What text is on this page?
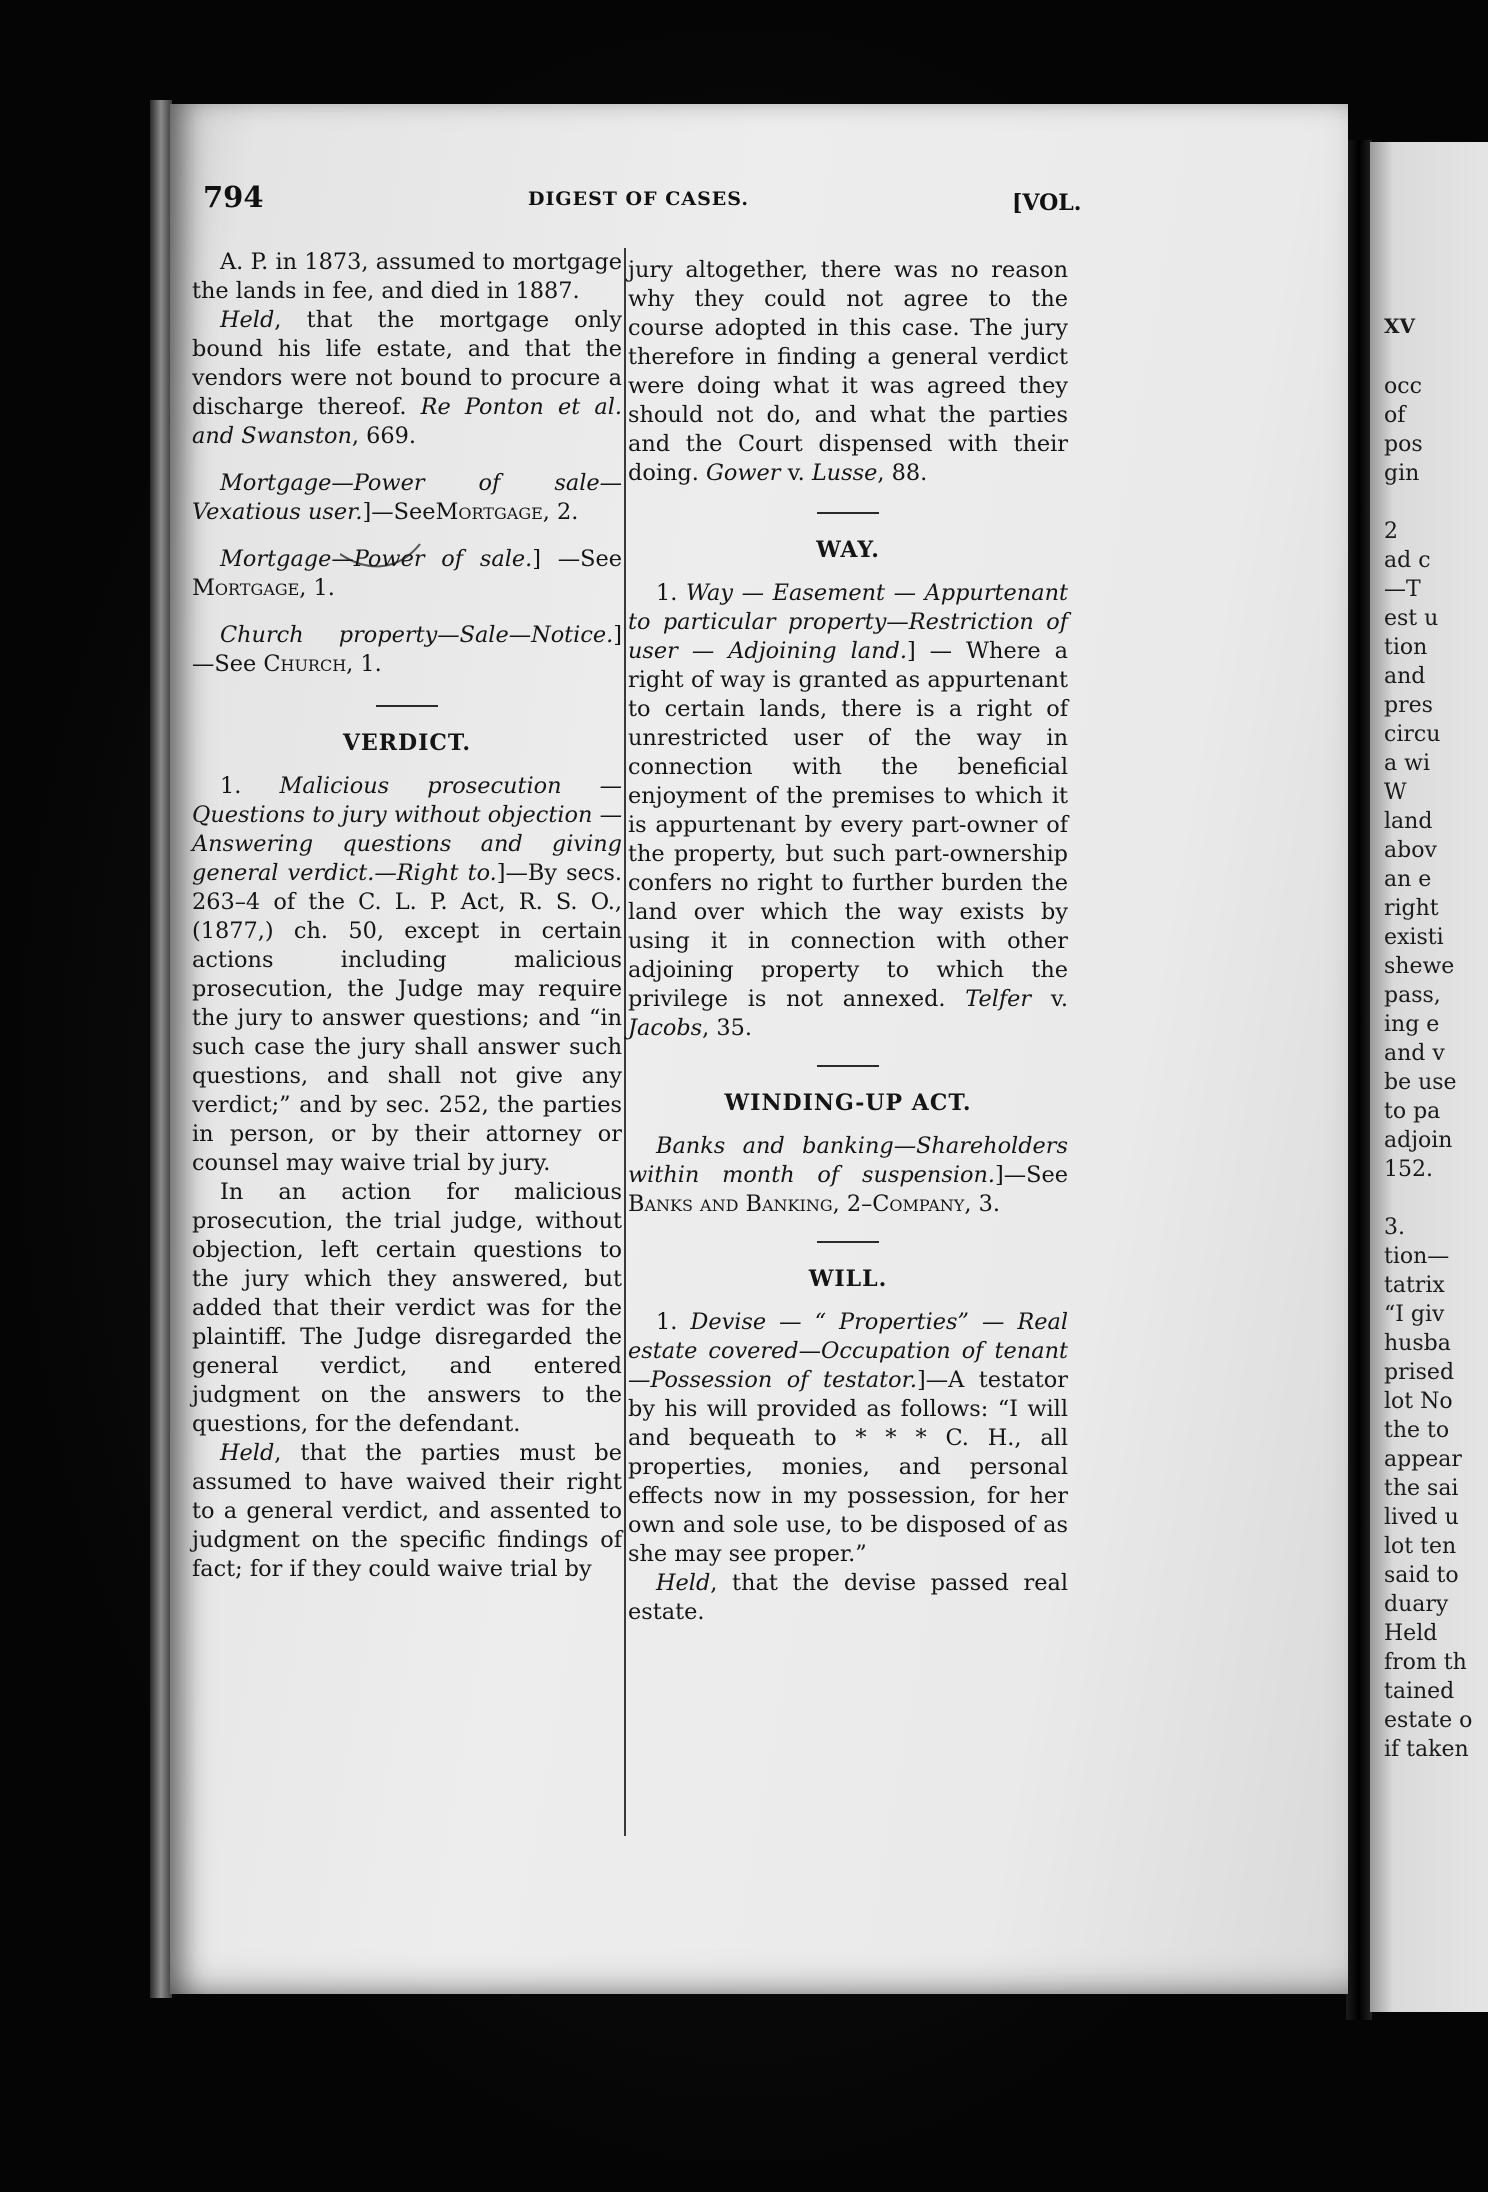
XV
occ
of
pos
gin
2
ad c
—T
est u
tion
and
pres
circu
a wi
W
land
abov
an e
right
existi
shewe
pass,
ing e
and v
be use
to pa
adjoin
152.
3.
tion—
tatrix
“I giv
husba
prised
lot No
the to
appear
the sai
lived u
lot ten
said to
duary
Held
from th
tained
estate o
if taken
794	DIGEST OF CASES.	[VOL.

A. P. in 1873, assumed to mortgage the lands in fee, and died in 1887.

Held, that the mortgage only bound his life estate, and that the vendors were not bound to procure a discharge thereof. Re Ponton et al. and Swanston, 669.

Mortgage—Power of sale—Vexatious user.]—SeeMortgage, 2.

Mortgage—Power of sale.] —See Mortgage, 1.

Church property—Sale—Notice.] —See Church, 1.

VERDICT.

1. Malicious prosecution — Questions to jury without objection — Answering questions and giving general verdict.—Right to.]—By secs. 263–4 of the C. L. P. Act, R. S. O., (1877,) ch. 50, except in certain actions including malicious prosecution, the Judge may require the jury to answer questions; and “in such case the jury shall answer such questions, and shall not give any verdict;” and by sec. 252, the parties in person, or by their attorney or counsel may waive trial by jury.

In an action for malicious prosecution, the trial judge, without objection, left certain questions to the jury which they answered, but added that their verdict was for the plaintiff. The Judge disregarded the general verdict, and entered judgment on the answers to the questions, for the defendant.

Held, that the parties must be assumed to have waived their right to a general verdict, and assented to judgment on the specific findings of fact; for if they could waive trial by

jury altogether, there was no reason why they could not agree to the course adopted in this case. The jury therefore in finding a general verdict were doing what it was agreed they should not do, and what the parties and the Court dispensed with their doing. Gower v. Lusse, 88.

WAY.

1. Way — Easement — Appurtenant to particular property—Restriction of user — Adjoining land.] — Where a right of way is granted as appurtenant to certain lands, there is a right of unrestricted user of the way in connection with the beneficial enjoyment of the premises to which it is appurtenant by every part-owner of the property, but such part-ownership confers no right to further burden the land over which the way exists by using it in connection with other adjoining property to which the privilege is not annexed. Telfer v. Jacobs, 35.

WINDING-UP ACT.

Banks and banking—Shareholders within month of suspension.]—See Banks and Banking, 2–Company, 3.

WILL.

1. Devise — “ Properties” — Real estate covered—Occupation of tenant —Possession of testator.]—A testator by his will provided as follows: “I will and bequeath to * * * C. H., all properties, monies, and personal effects now in my possession, for her own and sole use, to be disposed of as she may see proper.”

Held, that the devise passed real estate.
